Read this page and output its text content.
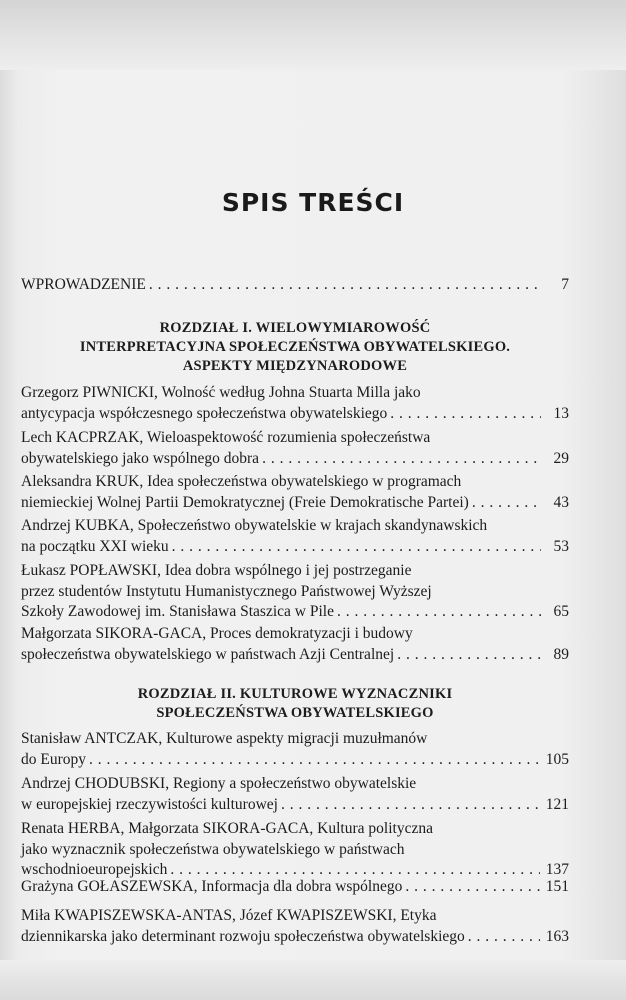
SPIS TREŚCI
WPROWADZENIE . . .	7
ROZDZIAŁ I. WIELOWYMIAROWOŚĆ
INTERPRETACYJNA SPOŁECZEŃSTWA OBYWATELSKIEGO.
ASPEKTY MIĘDZYNARODOWE
Grzegorz PIWNICKI, Wolność według Johna Stuarta Milla jako
antycypacja współczesnego społeczeństwa obywatelskiego . . .	13
Lech KACPRZAK, Wieloaspektowość rozumienia społeczeństwa
obywatelskiego jako wspólnego dobra . . .	29
Aleksandra KRUK, Idea społeczeństwa obywatelskiego w programach
niemieckiej Wolnej Partii Demokratycznej (Freie Demokratische Partei) . . .	43
Andrzej KUBKA, Społeczeństwo obywatelskie w krajach skandynawskich
na początku XXI wieku . . .	53
Łukasz POPŁAWSKI, Idea dobra wspólnego i jej postrzeganie
przez studentów Instytutu Humanistycznego Państwowej Wyższej
Szkoły Zawodowej im. Stanisława Staszica w Pile . . .	65
Małgorzata SIKORA-GACA, Proces demokratyzacji i budowy
społeczeństwa obywatelskiego w państwach Azji Centralnej . . .	89
ROZDZIAŁ II. KULTUROWE WYZNACZNIKI
SPOŁECZEŃSTWA OBYWATELSKIEGO
Stanisław ANTCZAK, Kulturowe aspekty migracji muzułmanów
do Europy . . .	105
Andrzej CHODUBSKI, Regiony a społeczeństwo obywatelskie
w europejskiej rzeczywistości kulturowej . . .	121
Renata HERBA, Małgorzata SIKORA-GACA, Kultura polityczna
jako wyznacznik społeczeństwa obywatelskiego w państwach
wschodnioeuropejskich . . .	137
Grażyna GOŁASZEWSKA, Informacja dla dobra wspólnego . . .	151
Miła KWAPISZEWSKA-ANTAS, Józef KWAPISZEWSKI, Etyka
dziennikarska jako determinant rozwoju społeczeństwa obywatelskiego . . .	163
